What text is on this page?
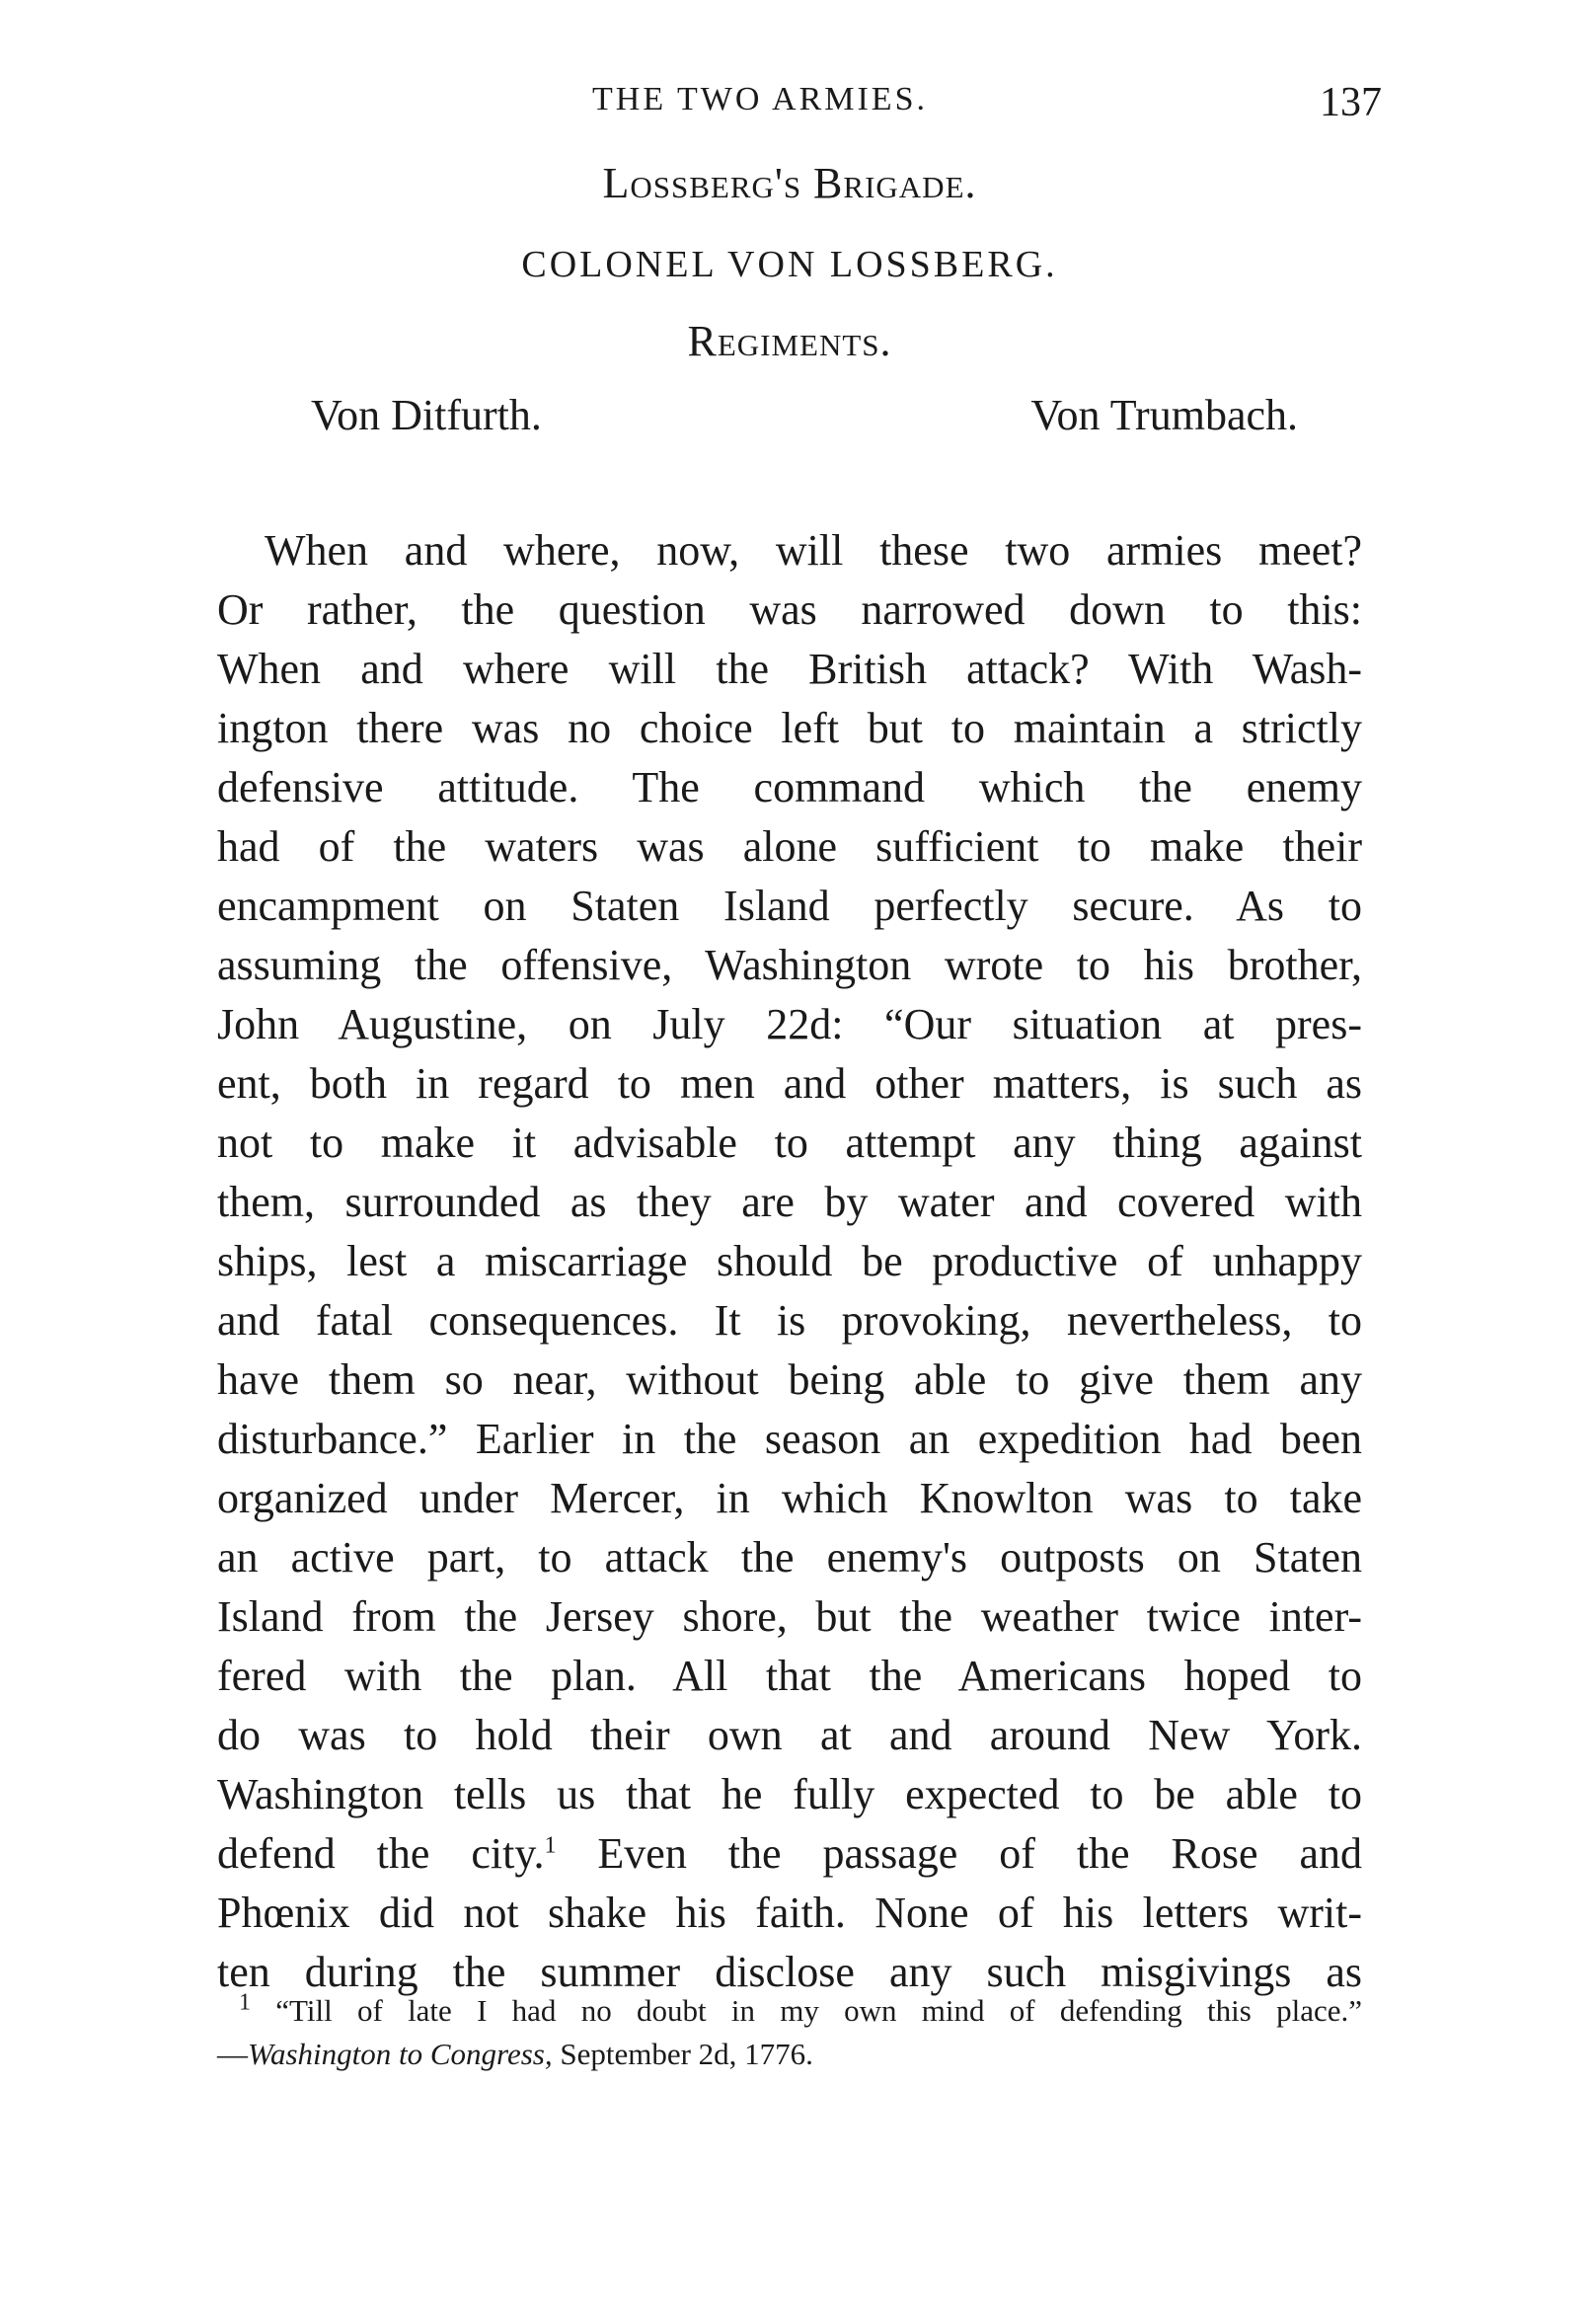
THE TWO ARMIES.	137
Lossberg's Brigade.
COLONEL VON LOSSBERG.
Regiments.
Von Ditfurth.	Von Trumbach.
When and where, now, will these two armies meet?
Or rather, the question was narrowed down to this:
When and where will the British attack? With Wash-
ington there was no choice left but to maintain a strictly
defensive attitude. The command which the enemy
had of the waters was alone sufficient to make their
encampment on Staten Island perfectly secure. As to
assuming the offensive, Washington wrote to his brother,
John Augustine, on July 22d: “Our situation at pres-
ent, both in regard to men and other matters, is such as
not to make it advisable to attempt any thing against
them, surrounded as they are by water and covered with
ships, lest a miscarriage should be productive of unhappy
and fatal consequences. It is provoking, nevertheless, to
have them so near, without being able to give them any
disturbance.” Earlier in the season an expedition had been
organized under Mercer, in which Knowlton was to take
an active part, to attack the enemy's outposts on Staten
Island from the Jersey shore, but the weather twice inter-
fered with the plan. All that the Americans hoped to
do was to hold their own at and around New York.
Washington tells us that he fully expected to be able to
defend the city.$^1$ Even the passage of the Rose and
Phœnix did not shake his faith. None of his letters writ-
ten during the summer disclose any such misgivings as
$^1$ “Till of late I had no doubt in my own mind of defending this place.”
—Washington to Congress, September 2d, 1776.
